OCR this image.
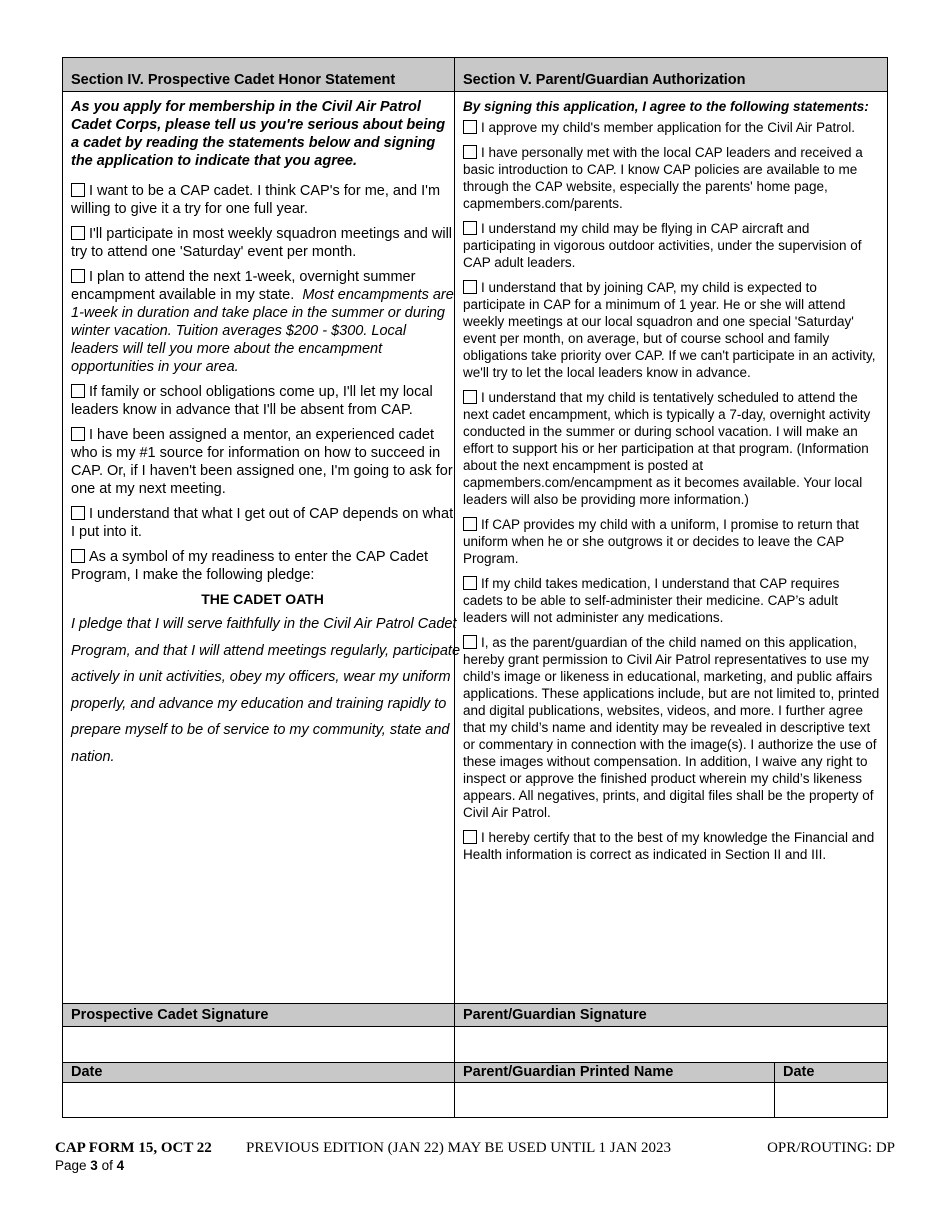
Section IV. Prospective Cadet Honor Statement	Section V. Parent/Guardian Authorization

As you apply for membership in the Civil Air Patrol Cadet Corps, please tell us you're serious about being a cadet by reading the statements below and signing the application to indicate that you agree.

I want to be a CAP cadet. I think CAP's for me, and I'm willing to give it a try for one full year.

I'll participate in most weekly squadron meetings and will try to attend one 'Saturday' event per month.

I plan to attend the next 1-week, overnight summer encampment available in my state. Most encampments are 1-week in duration and take place in the summer or during winter vacation. Tuition averages $200 - $300. Local leaders will tell you more about the encampment opportunities in your area.

If family or school obligations come up, I'll let my local leaders know in advance that I'll be absent from CAP.

I have been assigned a mentor, an experienced cadet who is my #1 source for information on how to succeed in CAP. Or, if I haven't been assigned one, I'm going to ask for one at my next meeting.

I understand that what I get out of CAP depends on what I put into it.

As a symbol of my readiness to enter the CAP Cadet Program, I make the following pledge:

THE CADET OATH

I pledge that I will serve faithfully in the Civil Air Patrol Cadet Program, and that I will attend meetings regularly, participate actively in unit activities, obey my officers, wear my uniform properly, and advance my education and training rapidly to prepare myself to be of service to my community, state and nation.

By signing this application, I agree to the following statements:

I approve my child's member application for the Civil Air Patrol.

I have personally met with the local CAP leaders and received a basic introduction to CAP. I know CAP policies are available to me through the CAP website, especially the parents' home page, capmembers.com/parents.

I understand my child may be flying in CAP aircraft and participating in vigorous outdoor activities, under the supervision of CAP adult leaders.

I understand that by joining CAP, my child is expected to participate in CAP for a minimum of 1 year. He or she will attend weekly meetings at our local squadron and one special 'Saturday' event per month, on average, but of course school and family obligations take priority over CAP. If we can't participate in an activity, we'll try to let the local leaders know in advance.

I understand that my child is tentatively scheduled to attend the next cadet encampment, which is typically a 7-day, overnight activity conducted in the summer or during school vacation. I will make an effort to support his or her participation at that program. (Information about the next encampment is posted at capmembers.com/encampment as it becomes available. Your local leaders will also be providing more information.)

If CAP provides my child with a uniform, I promise to return that uniform when he or she outgrows it or decides to leave the CAP Program.

If my child takes medication, I understand that CAP requires cadets to be able to self-administer their medicine. CAP’s adult leaders will not administer any medications.

I, as the parent/guardian of the child named on this application, hereby grant permission to Civil Air Patrol representatives to use my child’s image or likeness in educational, marketing, and public affairs applications. These applications include, but are not limited to, printed and digital publications, websites, videos, and more. I further agree that my child’s name and identity may be revealed in descriptive text or commentary in connection with the image(s). I authorize the use of these images without compensation. In addition, I waive any right to inspect or approve the finished product wherein my child’s likeness appears. All negatives, prints, and digital files shall be the property of Civil Air Patrol.

I hereby certify that to the best of my knowledge the Financial and Health information is correct as indicated in Section II and III.

Prospective Cadet Signature	Parent/Guardian Signature
Date	Parent/Guardian Printed Name	Date
CAP FORM 15, OCT 22 PREVIOUS EDITION (JAN 22) MAY BE USED UNTIL 1 JAN 2023	OPR/ROUTING: DP
Page 3 of 4
